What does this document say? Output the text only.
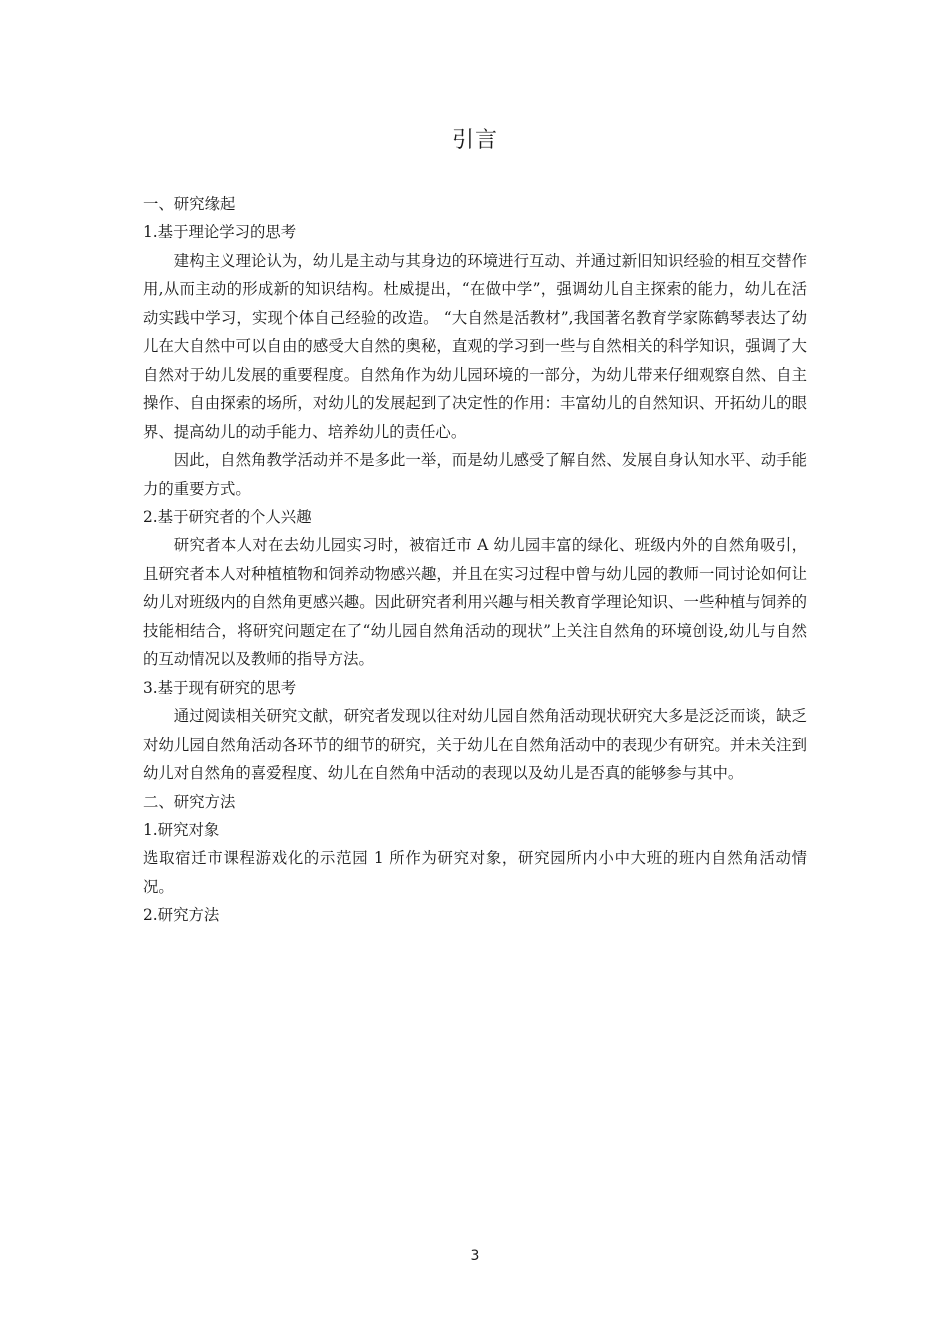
引言

一、研究缘起

1.基于理论学习的思考

建构主义理论认为，幼儿是主动与其身边的环境进行互动、并通过新旧知识经验的相互交替作用,从而主动的形成新的知识结构。杜威提出，“在做中学”，强调幼儿自主探索的能力，幼儿在活动实践中学习，实现个体自己经验的改造。 “大自然是活教材”,我国著名教育学家陈鹤琴表达了幼儿在大自然中可以自由的感受大自然的奥秘，直观的学习到一些与自然相关的科学知识，强调了大自然对于幼儿发展的重要程度。自然角作为幼儿园环境的一部分，为幼儿带来仔细观察自然、自主操作、自由探索的场所，对幼儿的发展起到了决定性的作用：丰富幼儿的自然知识、开拓幼儿的眼界、提高幼儿的动手能力、培养幼儿的责任心。

因此，自然角教学活动并不是多此一举，而是幼儿感受了解自然、发展自身认知水平、动手能力的重要方式。

2.基于研究者的个人兴趣

研究者本人对在去幼儿园实习时，被宿迁市 A 幼儿园丰富的绿化、班级内外的自然角吸引，且研究者本人对种植植物和饲养动物感兴趣，并且在实习过程中曾与幼儿园的教师一同讨论如何让幼儿对班级内的自然角更感兴趣。因此研究者利用兴趣与相关教育学理论知识、一些种植与饲养的技能相结合，将研究问题定在了“幼儿园自然角活动的现状”上关注自然角的环境创设,幼儿与自然的互动情况以及教师的指导方法。

3.基于现有研究的思考

通过阅读相关研究文献，研究者发现以往对幼儿园自然角活动现状研究大多是泛泛而谈，缺乏对幼儿园自然角活动各环节的细节的研究，关于幼儿在自然角活动中的表现少有研究。并未关注到幼儿对自然角的喜爱程度、幼儿在自然角中活动的表现以及幼儿是否真的能够参与其中。

二、研究方法

1.研究对象

选取宿迁市课程游戏化的示范园 1 所作为研究对象，研究园所内小中大班的班内自然角活动情况。

2.研究方法

3
